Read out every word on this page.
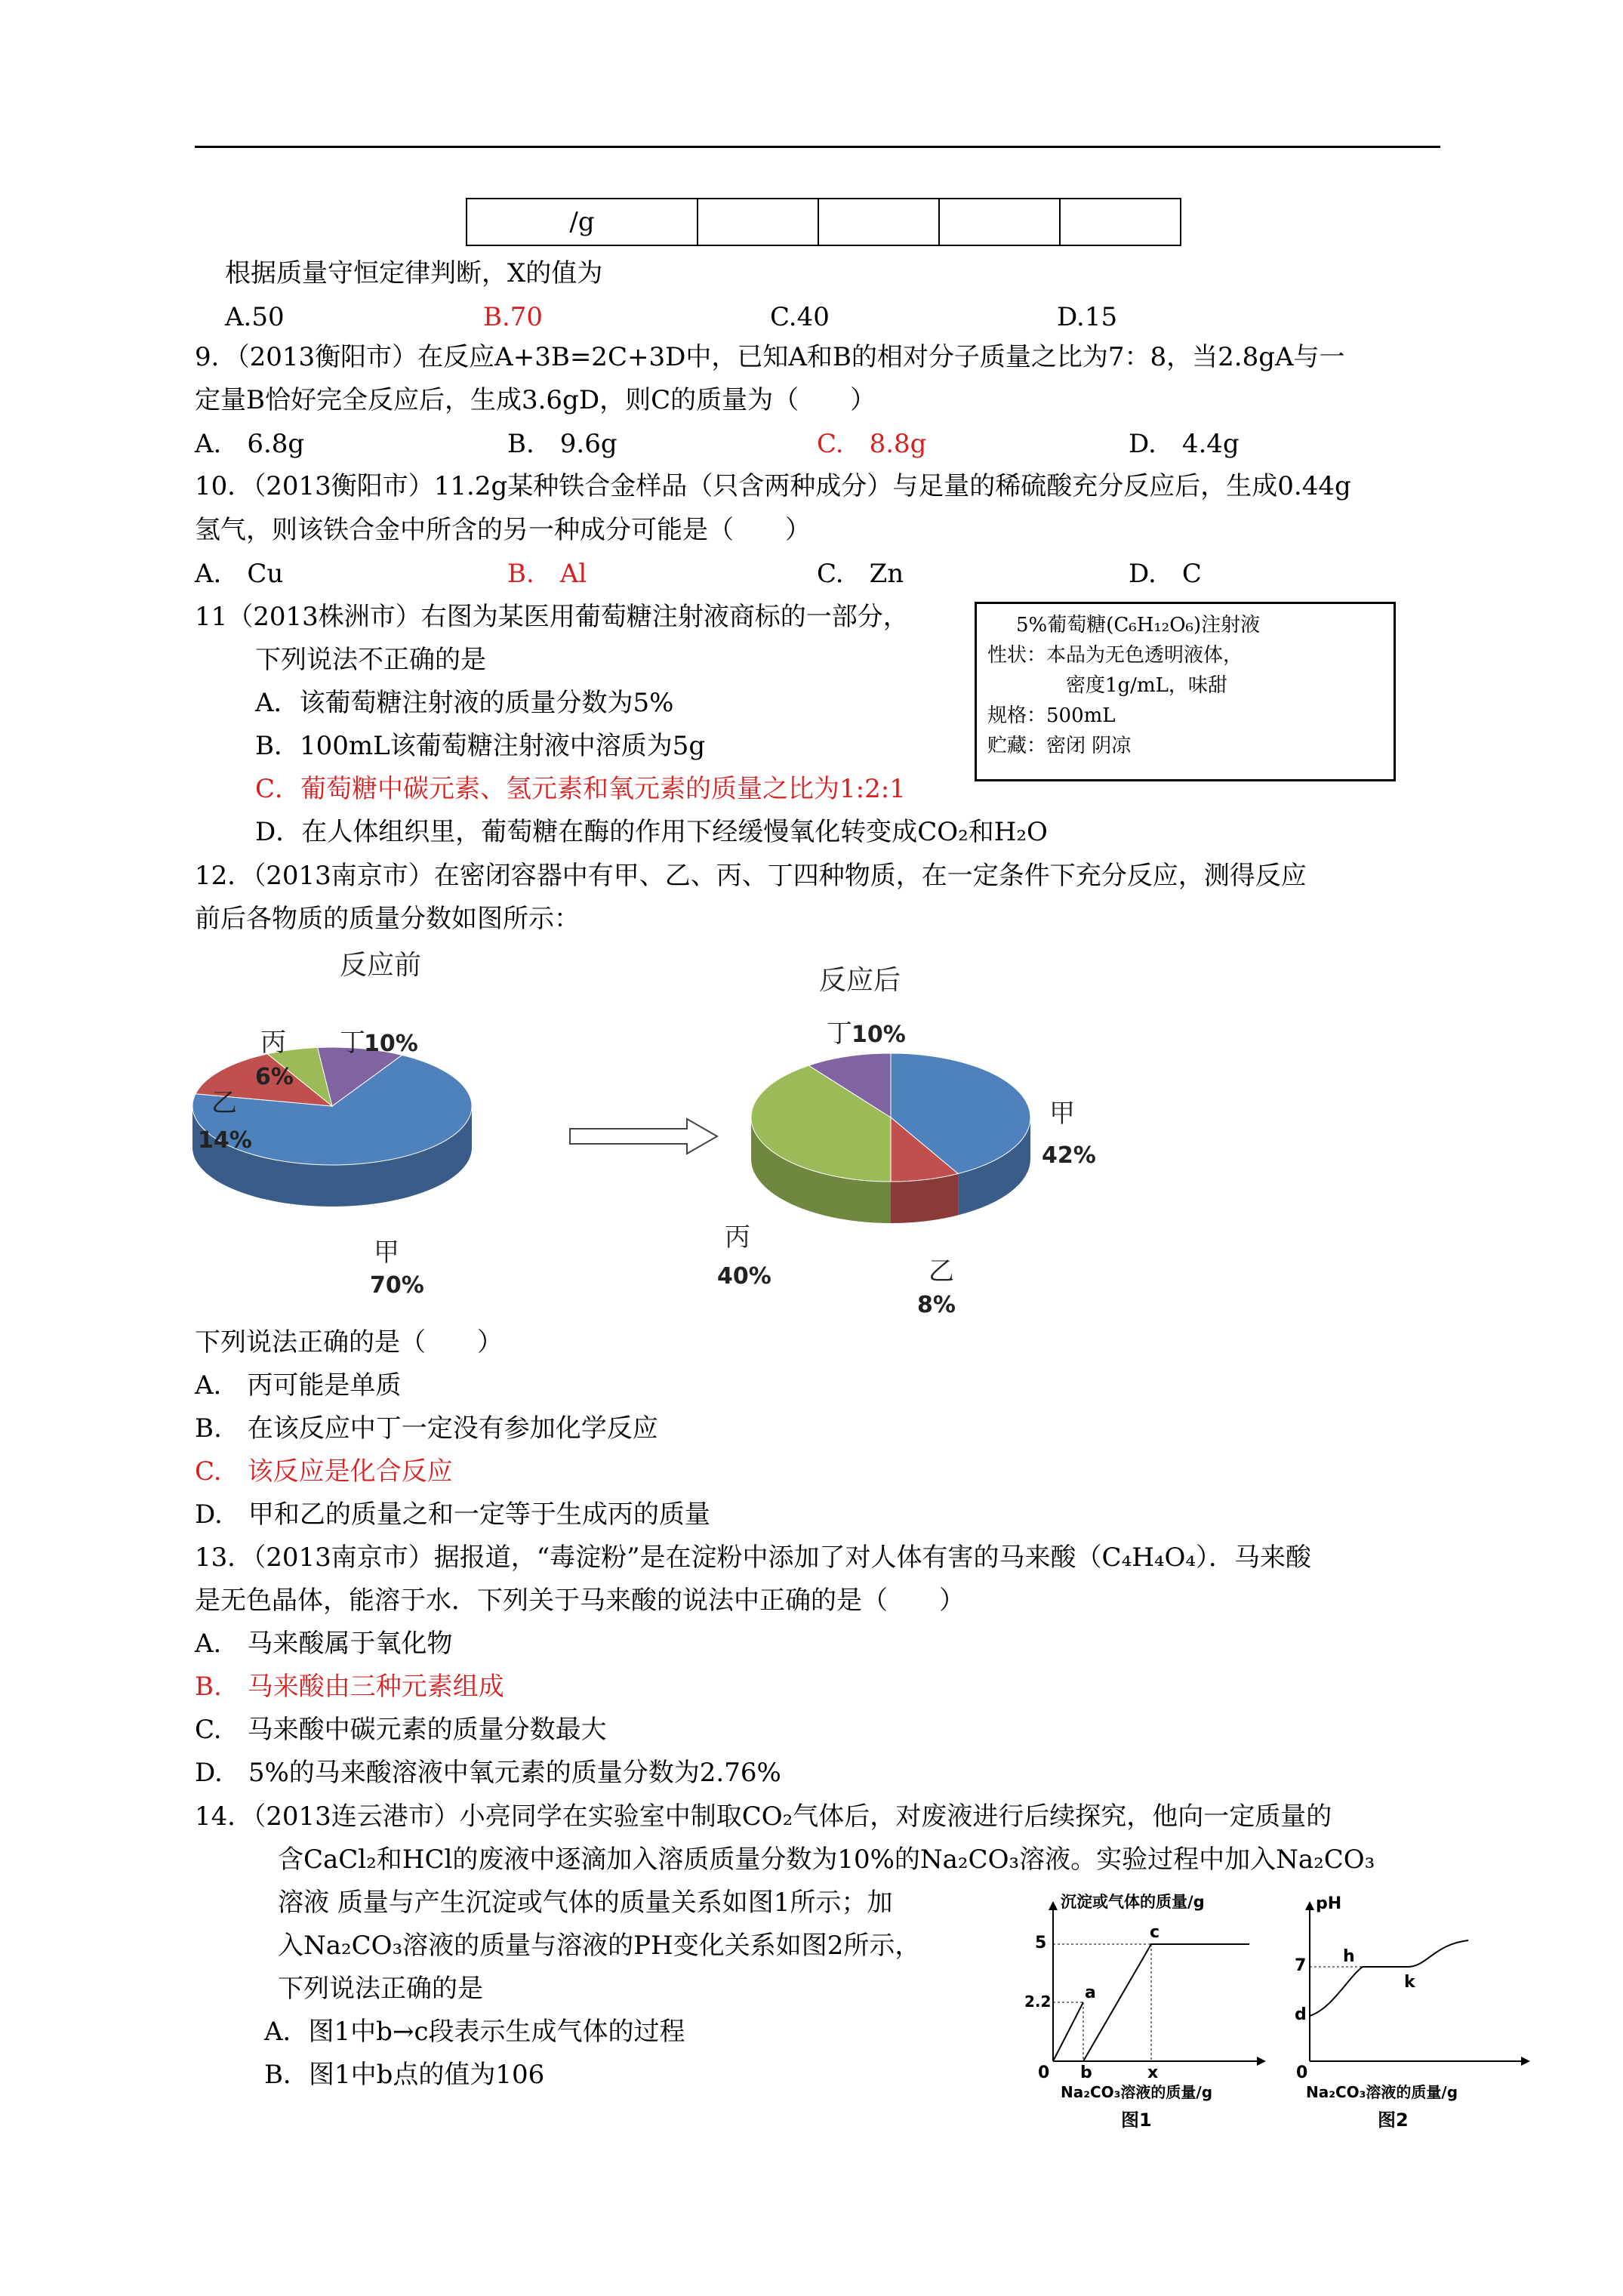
/g				
根据质量守恒定律判断，X的值为
A.50	B.70	C.40	D.15
9．（2013衡阳市）在反应A+3B=2C+3D中，已知A和B的相对分子质量之比为7：8，当2.8gA与一
定量B恰好完全反应后，生成3.6gD，则C的质量为（　　）
A.　6.8g	B.　9.6g	C.　8.8g	D.　4.4g
10．（2013衡阳市）11.2g某种铁合金样品（只含两种成分）与足量的稀硫酸充分反应后，生成0.44g
氢气，则该铁合金中所含的另一种成分可能是（　　）
A.　Cu	B.　Al	C.　Zn	D.　C
11（2013株洲市）右图为某医用葡萄糖注射液商标的一部分，
下列说法不正确的是
A．该葡萄糖注射液的质量分数为5%
B．100mL该葡萄糖注射液中溶质为5g
C．葡萄糖中碳元素、氢元素和氧元素的质量之比为1:2:1
D．在人体组织里，葡萄糖在酶的作用下经缓慢氧化转变成CO₂和H₂O
5%葡萄糖(C₆H₁₂O₆)注射液
性状：本品为无色透明液体，
密度1g/mL，味甜
规格：500mL
贮藏：密闭 阴凉
12．（2013南京市）在密闭容器中有甲、乙、丙、丁四种物质，在一定条件下充分反应，测得反应
前后各物质的质量分数如图所示：
甲
70%
乙
14%
丙
6%
丁
10%
反应前
甲
42%
乙
8%
丙
40%
丁 10%
反应后
下列说法正确的是（　　）
A.　丙可能是单质
B.　在该反应中丁一定没有参加化学反应
C.　该反应是化合反应
D.　甲和乙的质量之和一定等于生成丙的质量
13．（2013南京市）据报道，“毒淀粉”是在淀粉中添加了对人体有害的马来酸（C₄H₄O₄）．马来酸
是无色晶体，能溶于水．下列关于马来酸的说法中正确的是（　　）
A.　马来酸属于氧化物
B.　马来酸由三种元素组成
C.　马来酸中碳元素的质量分数最大
D.　5%的马来酸溶液中氧元素的质量分数为2.76%
14．（2013连云港市）小亮同学在实验室中制取CO₂气体后，对废液进行后续探究，他向一定质量的
含CaCl₂和HCl的废液中逐滴加入溶质质量分数为10%的Na₂CO₃溶液。实验过程中加入Na₂CO₃
溶液 质量与产生沉淀或气体的质量关系如图1所示；加
入Na₂CO₃溶液的质量与溶液的PH变化关系如图2所示，
下列说法正确的是
A．图1中b→c段表示生成气体的过程
B．图1中b点的值为106
沉淀或气体的质量/g
0 b	x
2.2
5
a
c
Na₂CO₃溶液的质量/g
图1
pH
0
d
7 h
k
Na₂CO₃溶液的质量/g
图2
